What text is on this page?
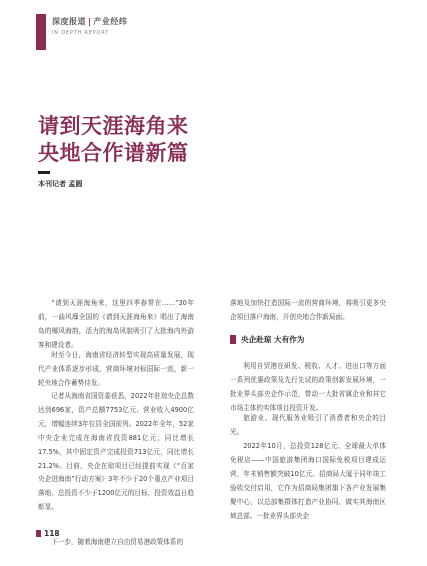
深度报道 | 产业经纬
IN DEPTH REPORT
请到天涯海角来
央地合作谱新篇
本刊记者 孟圆

“请到天涯海角来，这里四季春常在……”30年前，一曲风靡全国的《请到天涯海角来》唱出了海南岛的椰风海韵，活力的海岛风貌吸引了大批海内外游客和建设者。

时至今日，海南省经济转型实现高质量发展，现代产业体系逐步形成，营商环境对标国际一流，新一轮央地合作蓄势待发。

记者从海南省国资委获悉，2022年驻琼央企总数达到696家，资产总额7753亿元、营业收入4900亿元，增幅连续3年位居全国前列。2022年全年，52家中央企业完成在海南省投资881亿元，同比增长17.5%，其中固定资产完成投资713亿元，同比增长21.2%。目前，央企在琼项目已经提前实现《“百家央企进海南”行动方案》3年不少于20个重点产业项目落地、总投资不少于1200亿元的目标，投资效益日趋彰显。

下一步，随着海南建立自由贸易港政策体系的

落地及加快打造国际一流的营商环境，将吸引更多央企项目落户海南，开创央地合作新局面。

央企赴琼 大有作为

利用自贸港在研发、税收、人才、进出口等方面一系列优惠政策及先行先试的政策创新发展环境，一批业界头部央企作示范，带动一大批省属企业和其它市场主体的实体项目投资开发。

旅游业、现代服务业吸引了消费者和央企的目光。

2022年10月，总投资128亿元、全球最大单体免税店——中国旅游集团海口国际免税项目建成运营，年末销售额突破10亿元。招商局大厦于同年竣工验收交付启用，它作为招商局集团旗下各产业发展集聚中心，以总部集群体打造产业协同、做实其海南区域总部。一批业界头部央企

118
